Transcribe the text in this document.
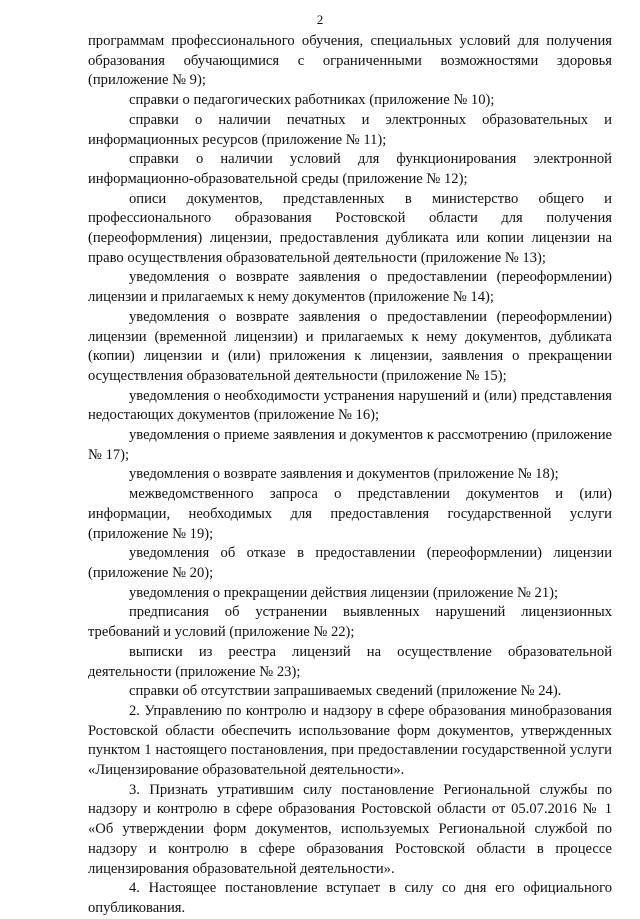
2

программам профессионального обучения, специальных условий для получения образования обучающимися с ограниченными возможностями здоровья (приложение № 9);

справки о педагогических работниках (приложение № 10);

справки о наличии печатных и электронных образовательных и информационных ресурсов (приложение № 11);

справки о наличии условий для функционирования электронной информационно-образовательной среды (приложение № 12);

описи документов, представленных в министерство общего и профессионального образования Ростовской области для получения (переоформления) лицензии, предоставления дубликата или копии лицензии на право осуществления образовательной деятельности (приложение № 13);

уведомления о возврате заявления о предоставлении (переоформлении) лицензии и прилагаемых к нему документов (приложение № 14);

уведомления о возврате заявления о предоставлении (переоформлении) лицензии (временной лицензии) и прилагаемых к нему документов, дубликата (копии) лицензии и (или) приложения к лицензии, заявления о прекращении осуществления образовательной деятельности (приложение № 15);

уведомления о необходимости устранения нарушений и (или) представления недостающих документов (приложение № 16);

уведомления о приеме заявления и документов к рассмотрению (приложение № 17);

уведомления о возврате заявления и документов (приложение № 18);

межведомственного запроса о представлении документов и (или) информации, необходимых для предоставления государственной услуги (приложение № 19);

уведомления об отказе в предоставлении (переоформлении) лицензии (приложение № 20);

уведомления о прекращении действия лицензии (приложение № 21);

предписания об устранении выявленных нарушений лицензионных требований и условий (приложение № 22);

выписки из реестра лицензий на осуществление образовательной деятельности (приложение № 23);

справки об отсутствии запрашиваемых сведений (приложение № 24).

2. Управлению по контролю и надзору в сфере образования минобразования Ростовской области обеспечить использование форм документов, утвержденных пунктом 1 настоящего постановления, при предоставлении государственной услуги «Лицензирование образовательной деятельности».

3. Признать утратившим силу постановление Региональной службы по надзору и контролю в сфере образования Ростовской области от 05.07.2016 № 1 «Об утверждении форм документов, используемых Региональной службой по надзору и контролю в сфере образования Ростовской области в процессе лицензирования образовательной деятельности».

4. Настоящее постановление вступает в силу со дня его официального опубликования.
